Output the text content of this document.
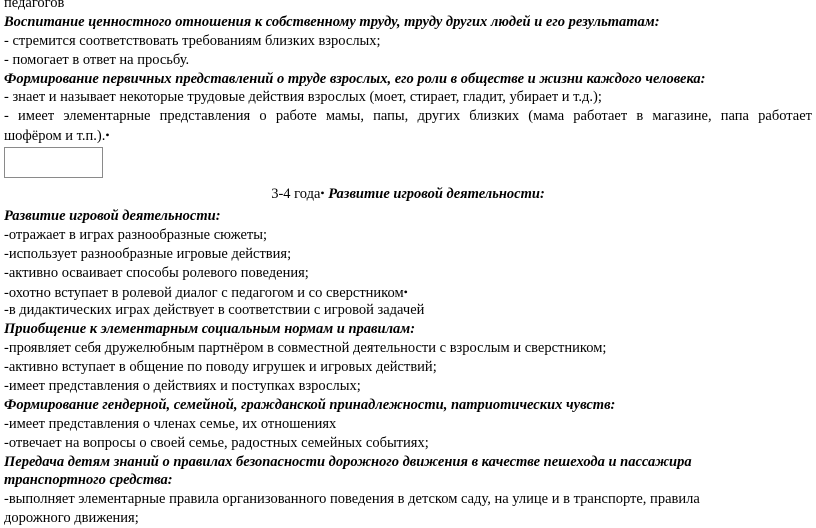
педагогов
Воспитание ценностного отношения к собственному труду, труду других людей и его результатам:
- стремится соответствовать требованиям близких взрослых;
- помогает в ответ на просьбу.
Формирование первичных представлений о труде взрослых, его роли в обществе и жизни каждого человека:
- знает и называет некоторые трудовые действия взрослых (моет, стирает, гладит, убирает и т.д.);
- имеет элементарные представления о работе мамы, папы, других близких (мама работает в магазине, папа работает
шофёром и т.п.).•
3-4 года• Развитие игровой деятельности:
Развитие игровой деятельности:
-отражает в играх разнообразные сюжеты;
-использует разнообразные игровые действия;
-активно осваивает способы ролевого поведения;
-охотно вступает в ролевой диалог с педагогом и со сверстником•
-в дидактических играх действует в соответствии с игровой задачей
Приобщение к элементарным социальным нормам и правилам:
-проявляет себя дружелюбным партнёром в совместной деятельности с взрослым и сверстником;
-активно вступает в общение по поводу игрушек и игровых действий;
-имеет представления о действиях и поступках взрослых;
Формирование гендерной, семейной, гражданской принадлежности, патриотических чувств:
-имеет представления о членах семье, их отношениях
-отвечает на вопросы о своей семье, радостных семейных событиях;
Передача детям знаний о правилах безопасности дорожного движения в качестве пешехода и пассажира
транспортного средства:
-выполняет элементарные правила организованного поведения в детском саду, на улице и в транспорте, правила
дорожного движения;
